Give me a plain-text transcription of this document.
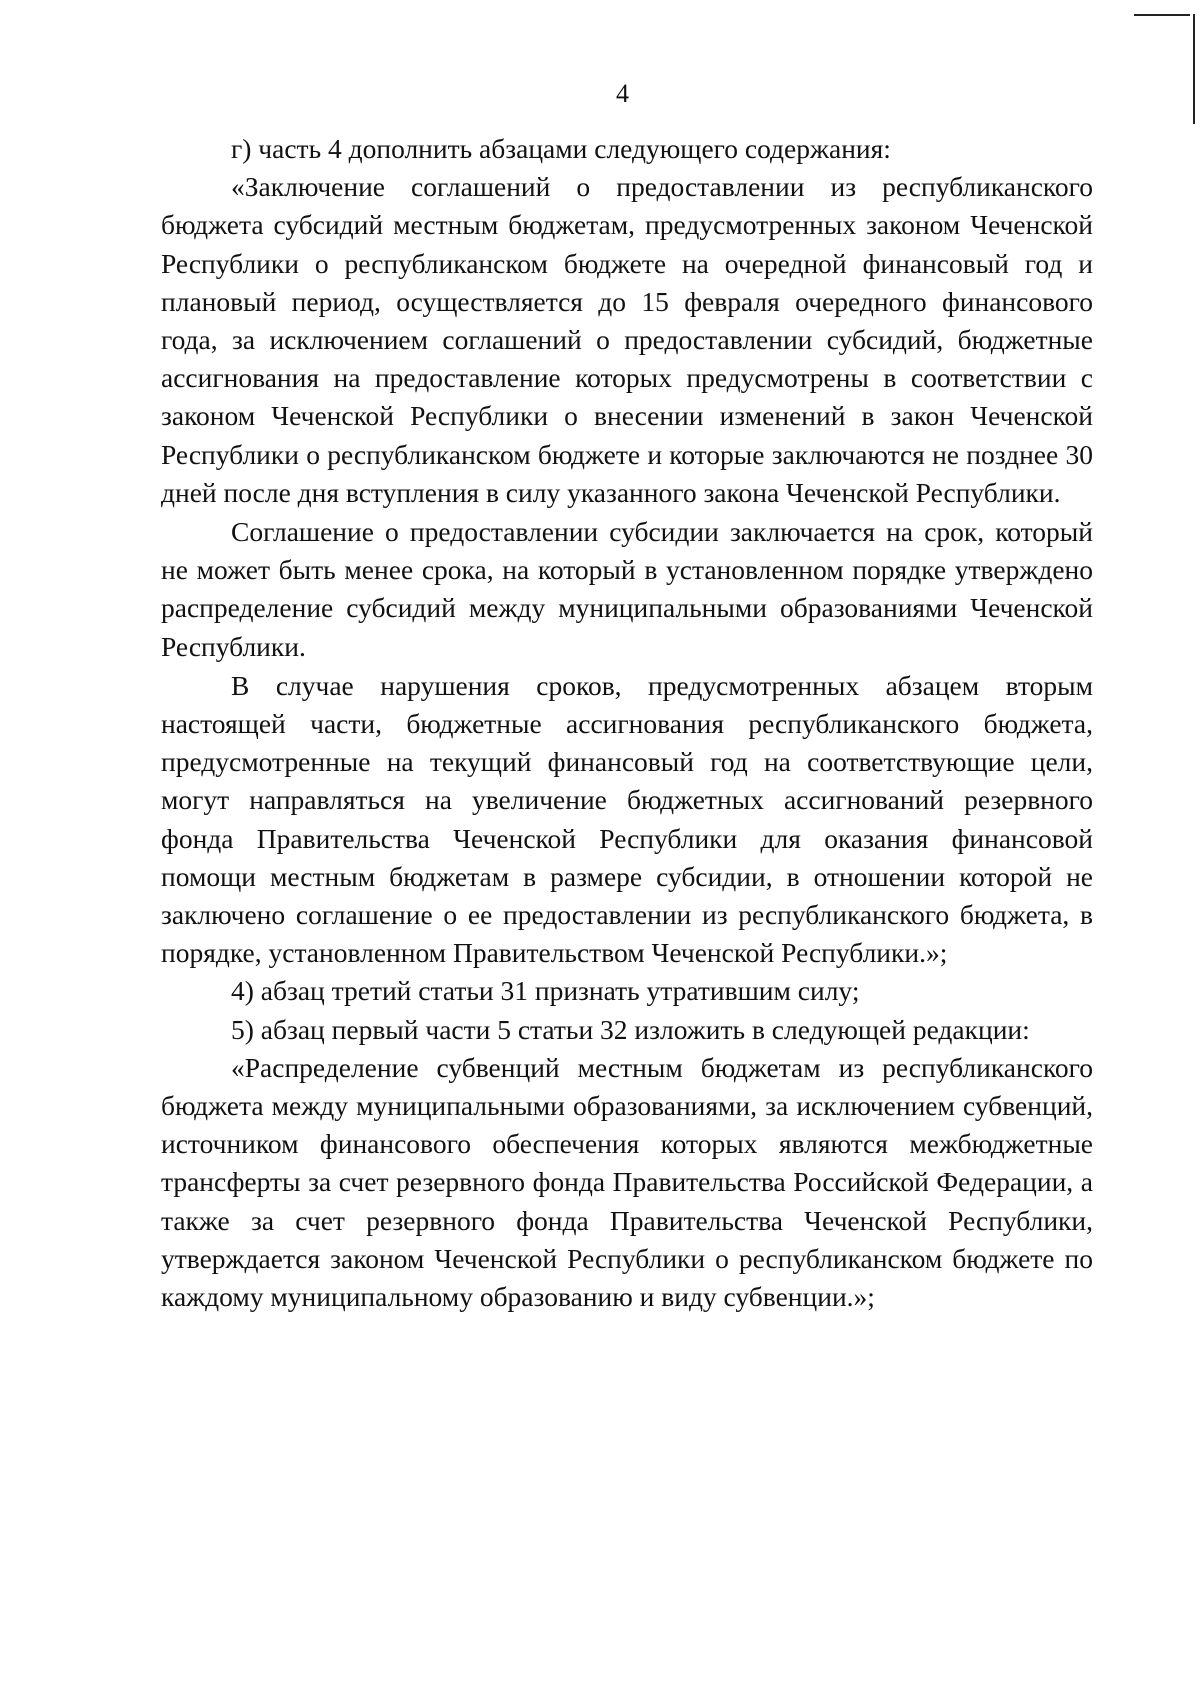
4

г) часть 4 дополнить абзацами следующего содержания:

«Заключение соглашений о предоставлении из республиканского бюджета субсидий местным бюджетам, предусмотренных законом Чеченской Республики о республиканском бюджете на очередной финансовый год и плановый период, осуществляется до 15 февраля очередного финансового года, за исключением соглашений о предоставлении субсидий, бюджетные ассигнования на предоставление которых предусмотрены в соответствии с законом Чеченской Республики о внесении изменений в закон Чеченской Республики о республиканском бюджете и которые заключаются не позднее 30 дней после дня вступления в силу указанного закона Чеченской Республики.

Соглашение о предоставлении субсидии заключается на срок, который не может быть менее срока, на который в установленном порядке утверждено распределение субсидий между муниципальными образованиями Чеченской Республики.

В случае нарушения сроков, предусмотренных абзацем вторым настоящей части, бюджетные ассигнования республиканского бюджета, предусмотренные на текущий финансовый год на соответствующие цели, могут направляться на увеличение бюджетных ассигнований резервного фонда Правительства Чеченской Республики для оказания финансовой помощи местным бюджетам в размере субсидии, в отношении которой не заключено соглашение о ее предоставлении из республиканского бюджета, в порядке, установленном Правительством Чеченской Республики.»;

4) абзац третий статьи 31 признать утратившим силу;

5) абзац первый части 5 статьи 32 изложить в следующей редакции:

«Распределение субвенций местным бюджетам из республиканского бюджета между муниципальными образованиями, за исключением субвенций, источником финансового обеспечения которых являются межбюджетные трансферты за счет резервного фонда Правительства Российской Федерации, а также за счет резервного фонда Правительства Чеченской Республики, утверждается законом Чеченской Республики о республиканском бюджете по каждому муниципальному образованию и виду субвенции.»;
